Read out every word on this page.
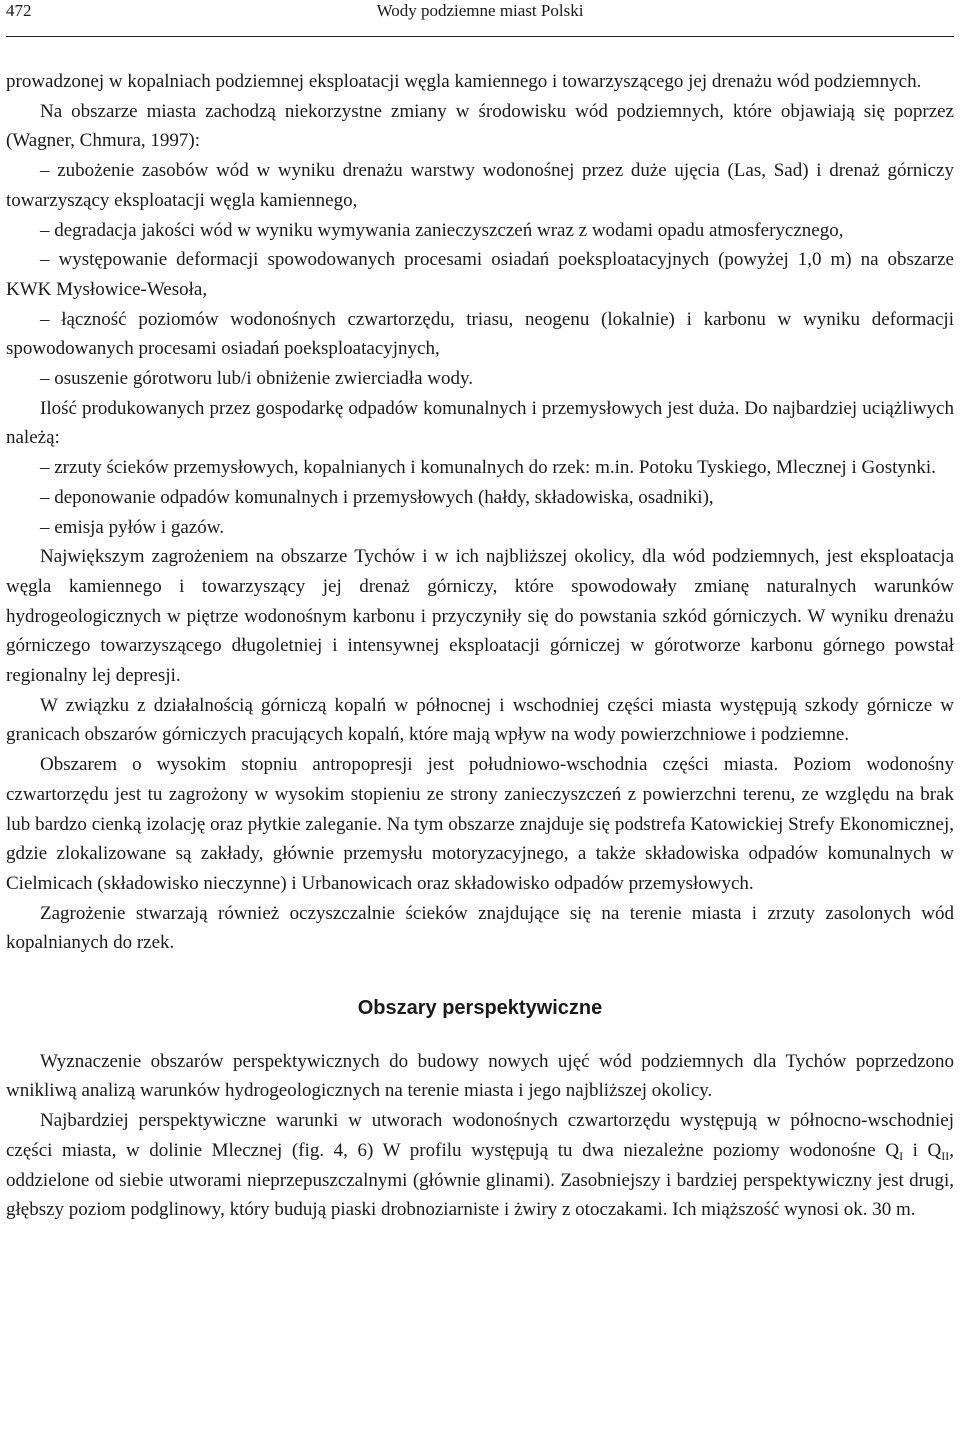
472	Wody podziemne miast Polski

prowadzonej w kopalniach podziemnej eksploatacji węgla kamiennego i towarzyszącego jej drenażu wód podziemnych.

Na obszarze miasta zachodzą niekorzystne zmiany w środowisku wód podziemnych, które objawiają się poprzez (Wagner, Chmura, 1997):

– zubożenie zasobów wód w wyniku drenażu warstwy wodonośnej przez duże ujęcia (Las, Sad) i drenaż górniczy towarzyszący eksploatacji węgla kamiennego,

– degradacja jakości wód w wyniku wymywania zanieczyszczeń wraz z wodami opadu atmosferycznego,

– występowanie deformacji spowodowanych procesami osiadań poeksploatacyjnych (powyżej 1,0 m) na obszarze KWK Mysłowice-Wesoła,

– łączność poziomów wodonośnych czwartorzędu, triasu, neogenu (lokalnie) i karbonu w wyniku deformacji spowodowanych procesami osiadań poeksploatacyjnych,

– osuszenie górotworu lub/i obniżenie zwierciadła wody.

Ilość produkowanych przez gospodarkę odpadów komunalnych i przemysłowych jest duża. Do najbardziej uciążliwych należą:

– zrzuty ścieków przemysłowych, kopalnianych i komunalnych do rzek: m.in. Potoku Tyskiego, Mlecznej i Gostynki.

– deponowanie odpadów komunalnych i przemysłowych (hałdy, składowiska, osadniki),

– emisja pyłów i gazów.

Największym zagrożeniem na obszarze Tychów i w ich najbliższej okolicy, dla wód podziemnych, jest eksploatacja węgla kamiennego i towarzyszący jej drenaż górniczy, które spowodowały zmianę naturalnych warunków hydrogeologicznych w piętrze wodonośnym karbonu i przyczyniły się do powstania szkód górniczych. W wyniku drenażu górniczego towarzyszącego długoletniej i intensywnej eksploatacji górniczej w górotworze karbonu górnego powstał regionalny lej depresji.

W związku z działalnością górniczą kopalń w północnej i wschodniej części miasta występują szkody górnicze w granicach obszarów górniczych pracujących kopalń, które mają wpływ na wody powierzchniowe i podziemne.

Obszarem o wysokim stopniu antropopresji jest południowo-wschodnia części miasta. Poziom wodonośny czwartorzędu jest tu zagrożony w wysokim stopieniu ze strony zanieczyszczeń z powierzchni terenu, ze względu na brak lub bardzo cienką izolację oraz płytkie zaleganie. Na tym obszarze znajduje się podstrefa Katowickiej Strefy Ekonomicznej, gdzie zlokalizowane są zakłady, głównie przemysłu motoryzacyjnego, a także składowiska odpadów komunalnych w Cielmicach (składowisko nieczynne) i Urbanowicach oraz składowisko odpadów przemysłowych.

Zagrożenie stwarzają również oczyszczalnie ścieków znajdujące się na terenie miasta i zrzuty zasolonych wód kopalnianych do rzek.

Obszary perspektywiczne

Wyznaczenie obszarów perspektywicznych do budowy nowych ujęć wód podziemnych dla Tychów poprzedzono wnikliwą analizą warunków hydrogeologicznych na terenie miasta i jego najbliższej okolicy.

Najbardziej perspektywiczne warunki w utworach wodonośnych czwartorzędu występują w północno-wschodniej części miasta, w dolinie Mlecznej (fig. 4, 6) W profilu występują tu dwa niezależne poziomy wodonośne $Q_I$ i $Q_{II}$, oddzielone od siebie utworami nieprzepuszczalnymi (głównie glinami). Zasobniejszy i bardziej perspektywiczny jest drugi, głębszy poziom podglinowy, który budują piaski drobnoziarniste i żwiry z otoczakami. Ich miąższość wynosi ok. 30 m.
